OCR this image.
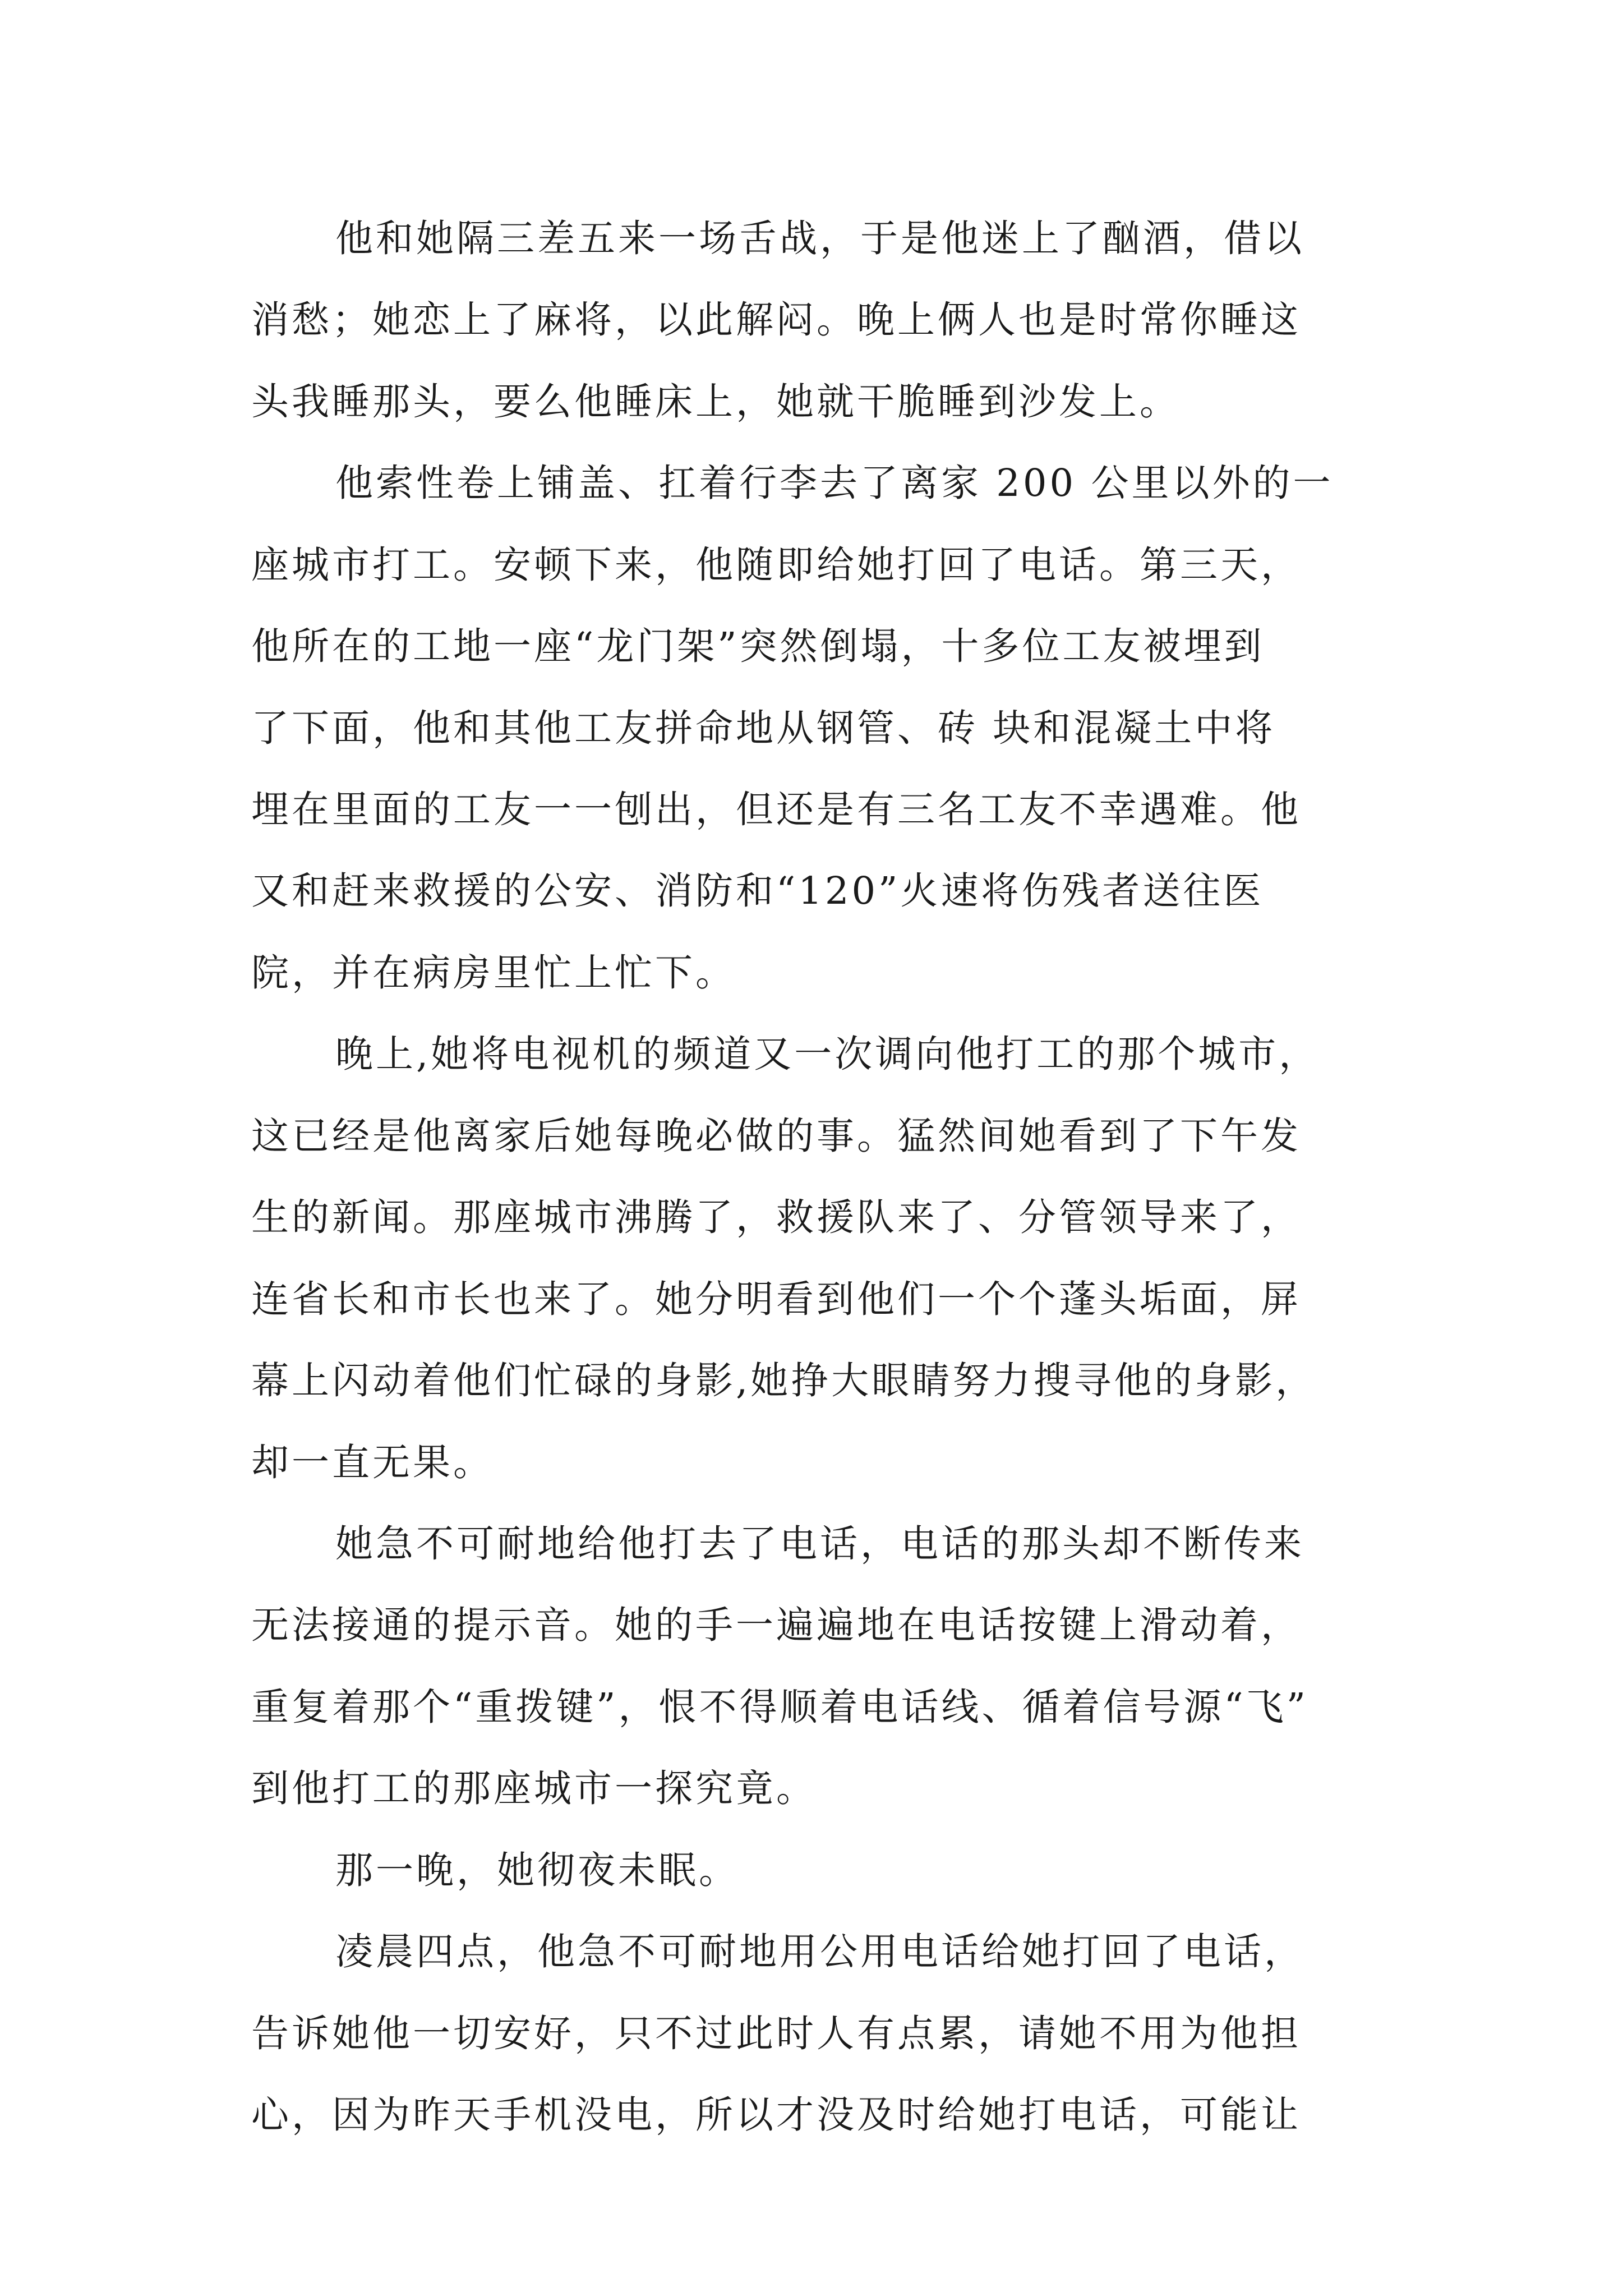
他和她隔三差五来一场舌战，于是他迷上了酗酒，借以
消愁；她恋上了麻将，以此解闷。晚上俩人也是时常你睡这
头我睡那头，要么他睡床上，她就干脆睡到沙发上。
他索性卷上铺盖、扛着行李去了离家 200 公里以外的一
座城市打工。安顿下来，他随即给她打回了电话。第三天，
他所在的工地一座“龙门架”突然倒塌，十多位工友被埋到
了下面，他和其他工友拼命地从钢管、砖 块和混凝土中将
埋在里面的工友一一刨出，但还是有三名工友不幸遇难。他
又和赶来救援的公安、消防和“120”火速将伤残者送往医
院，并在病房里忙上忙下。
晚上,她将电视机的频道又一次调向他打工的那个城市，
这已经是他离家后她每晚必做的事。猛然间她看到了下午发
生的新闻。那座城市沸腾了，救援队来了、分管领导来了，
连省长和市长也来了。她分明看到他们一个个蓬头垢面，屏
幕上闪动着他们忙碌的身影,她挣大眼睛努力搜寻他的身影，
却一直无果。
她急不可耐地给他打去了电话，电话的那头却不断传来
无法接通的提示音。她的手一遍遍地在电话按键上滑动着，
重复着那个“重拨键”，恨不得顺着电话线、循着信号源“飞”
到他打工的那座城市一探究竟。
那一晚，她彻夜未眠。
凌晨四点，他急不可耐地用公用电话给她打回了电话，
告诉她他一切安好，只不过此时人有点累，请她不用为他担
心，因为昨天手机没电，所以才没及时给她打电话，可能让
